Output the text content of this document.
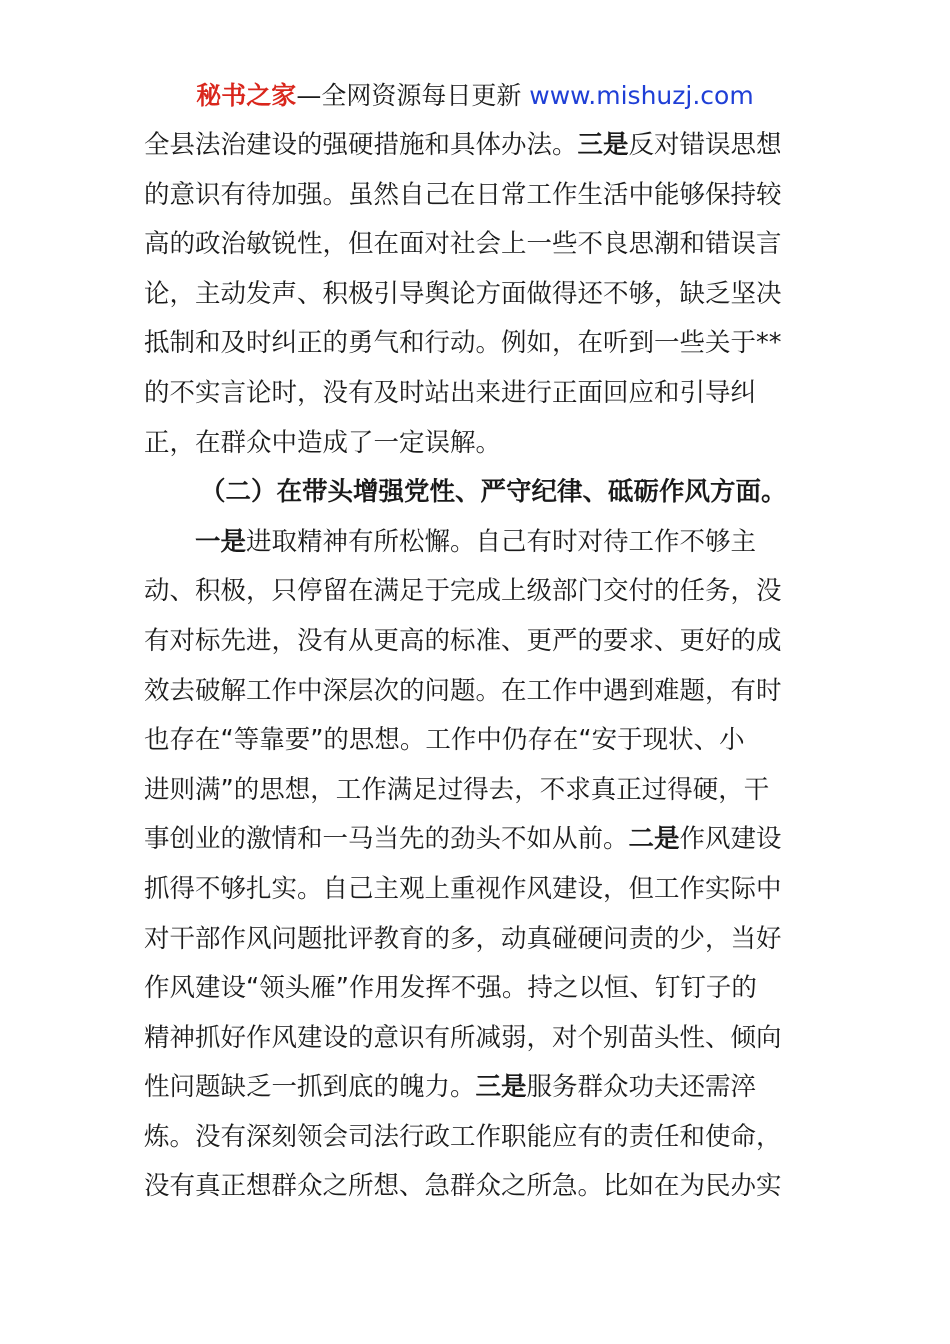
秘书之家—全网资源每日更新 www.mishuzj.com
全县法治建设的强硬措施和具体办法。三是反对错误思想
的意识有待加强。虽然自己在日常工作生活中能够保持较
高的政治敏锐性，但在面对社会上一些不良思潮和错误言
论，主动发声、积极引导舆论方面做得还不够，缺乏坚决
抵制和及时纠正的勇气和行动。例如，在听到一些关于**
的不实言论时，没有及时站出来进行正面回应和引导纠
正，在群众中造成了一定误解。
（二）在带头增强党性、严守纪律、砥砺作风方面。
一是进取精神有所松懈。自己有时对待工作不够主
动、积极，只停留在满足于完成上级部门交付的任务，没
有对标先进，没有从更高的标准、更严的要求、更好的成
效去破解工作中深层次的问题。在工作中遇到难题，有时
也存在“等靠要”的思想。工作中仍存在“安于现状、小
进则满”的思想，工作满足过得去，不求真正过得硬，干
事创业的激情和一马当先的劲头不如从前。二是作风建设
抓得不够扎实。自己主观上重视作风建设，但工作实际中
对干部作风问题批评教育的多，动真碰硬问责的少，当好
作风建设“领头雁”作用发挥不强。持之以恒、钉钉子的
精神抓好作风建设的意识有所减弱，对个别苗头性、倾向
性问题缺乏一抓到底的魄力。三是服务群众功夫还需淬
炼。没有深刻领会司法行政工作职能应有的责任和使命，
没有真正想群众之所想、急群众之所急。比如在为民办实
